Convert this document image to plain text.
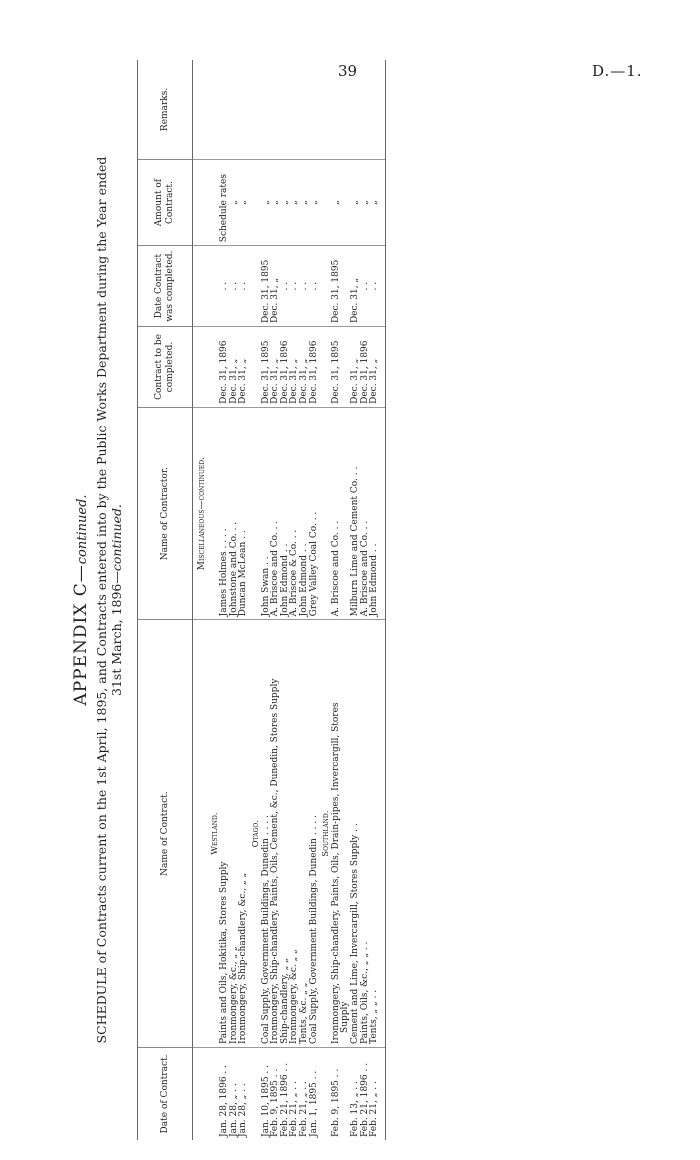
39	D.—1.
APPENDIX C—continued. SCHEDULE of Contracts current on the 1st April, 1895, and Contracts entered into by the Public Works Department during the Year ended 31st March, 1896—continued.
Date of Contract.	Name of Contract.	Name of Contractor.	Contract to be completed.	Date Contract was completed.	Amount of Contract.	Remarks.
		Miscellaneous—continued.				
	Westland.					
Jan. 28, 1896 . .	Paints and Oils, Hokitika, Stores Supply	James Holmes . . . .	Dec. 31, 1896	. .	Schedule rates	
Jan. 28, „ . .	Ironmongery, &c., „ „	Johnstone and Co. . .	Dec. 31, „	. .	„	
Jan. 28, „ . .	Ironmongery, Ship-chandlery, &c., „ „	Duncan McLean . .	Dec. 31, „	. .	„	
	Otago.					
Jan. 10, 1895 . .	Coal Supply, Government Buildings, Dunedin . . . .	John Swan . .	Dec. 31, 1895	Dec. 31, 1895	„	
Feb. 9, 1895 . .	Ironmongery, Ship-chandlery, Paints, Oils, Cement, &c., Dunedin, Stores Supply	A. Briscoe and Co. . .	Dec. 31, „	Dec. 31, „	„	
Feb. 21, 1896 . .	Ship-chandlery, „ „	John Edmond . .	Dec. 31, 1896	. .	„	
Feb. 21, „ . .	Ironmongery, &c. „ „	A. Briscoe & Co. . .	Dec. 31, „	. .	„	
Feb. 21, „ . .	Tents, &c. „ „	John Edmond . .	Dec. 31, „	. .	„	
Jan. 1, 1895 . .	Coal Supply, Government Buildings, Dunedin . . . .	Grey Valley Coal Co. . .	Dec. 31, 1896	. .	„	
	Southland.					
Feb. 9, 1895 . .	Ironmongery, Ship-chandlery, Paints, Oils, Drain-pipes, Invercargill, Stores	A. Briscoe and Co. . .	Dec. 31, 1895	Dec. 31, 1895	„	
	Supply					
Feb. 13, „ . .	Cement and Lime, Invercargill, Stores Supply . .	Milburn Lime and Cement Co. . .	Dec. 31, „	Dec. 31, „	„	
Feb. 21, 1896 . .	Paints, Oils, &c., „ „ . .	A. Briscoe and Co. . .	Dec. 31, 1896	. .	„	
Feb. 21, „ . .	Tents, „ „ . .	John Edmond . .	Dec. 31, „	. .	„	
